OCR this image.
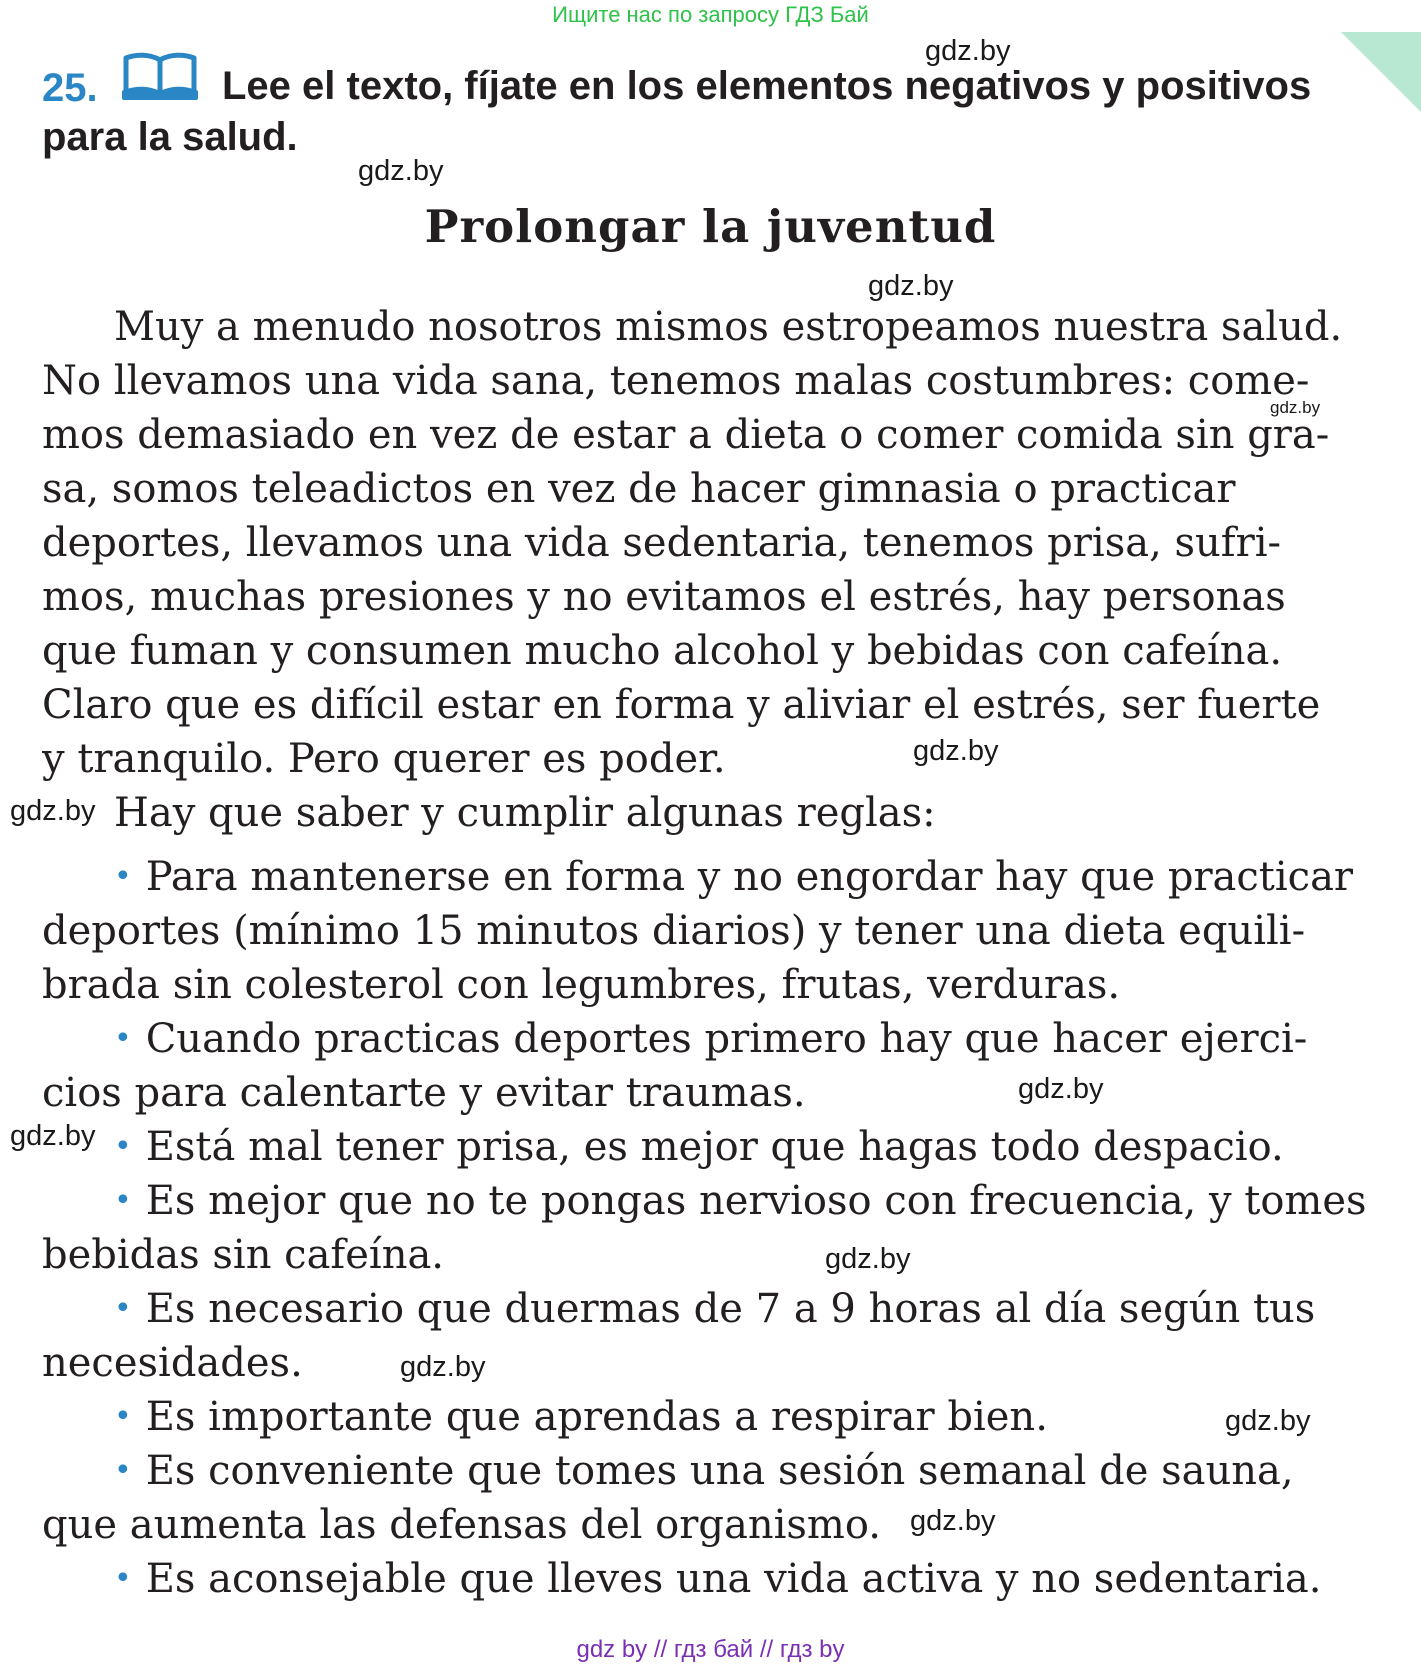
Ищите нас по запросу ГДЗ Бай
25.	Lee el texto, fíjate en los elementos negativos y positivos
para la salud.
Prolongar la juventud
Muy a menudo nosotros mismos estropeamos nuestra salud.
No llevamos una vida sana, tenemos malas costumbres: come-
mos demasiado en vez de estar a dieta o comer comida sin gra-
sa, somos teleadictos en vez de hacer gimnasia o practicar
deportes, llevamos una vida sedentaria, tenemos prisa, sufri-
mos, muchas presiones y no evitamos el estrés, hay personas
que fuman y consumen mucho alcohol y bebidas con cafeína.
Claro que es difícil estar en forma y aliviar el estrés, ser fuerte
y tranquilo. Pero querer es poder.
Hay que saber y cumplir algunas reglas:
• Para mantenerse en forma y no engordar hay que practicar
deportes (mínimo 15 minutos diarios) y tener una dieta equili-
brada sin colesterol con legumbres, frutas, verduras.
• Cuando practicas deportes primero hay que hacer ejerci-
cios para calentarte y evitar traumas.
• Está mal tener prisa, es mejor que hagas todo despacio.
• Es mejor que no te pongas nervioso con frecuencia, y tomes
bebidas sin cafeína.
• Es necesario que duermas de 7 a 9 horas al día según tus
necesidades.
• Es importante que aprendas a respirar bien.
• Es conveniente que tomes una sesión semanal de sauna,
que aumenta las defensas del organismo.
• Es aconsejable que lleves una vida activa y no sedentaria.
gdz.by
gdz.by
gdz.by
gdz.by
gdz.by
gdz.by
gdz.by
gdz.by
gdz.by
gdz.by
gdz.by
gdz.by
gdz by // гдз бай // гдз by
